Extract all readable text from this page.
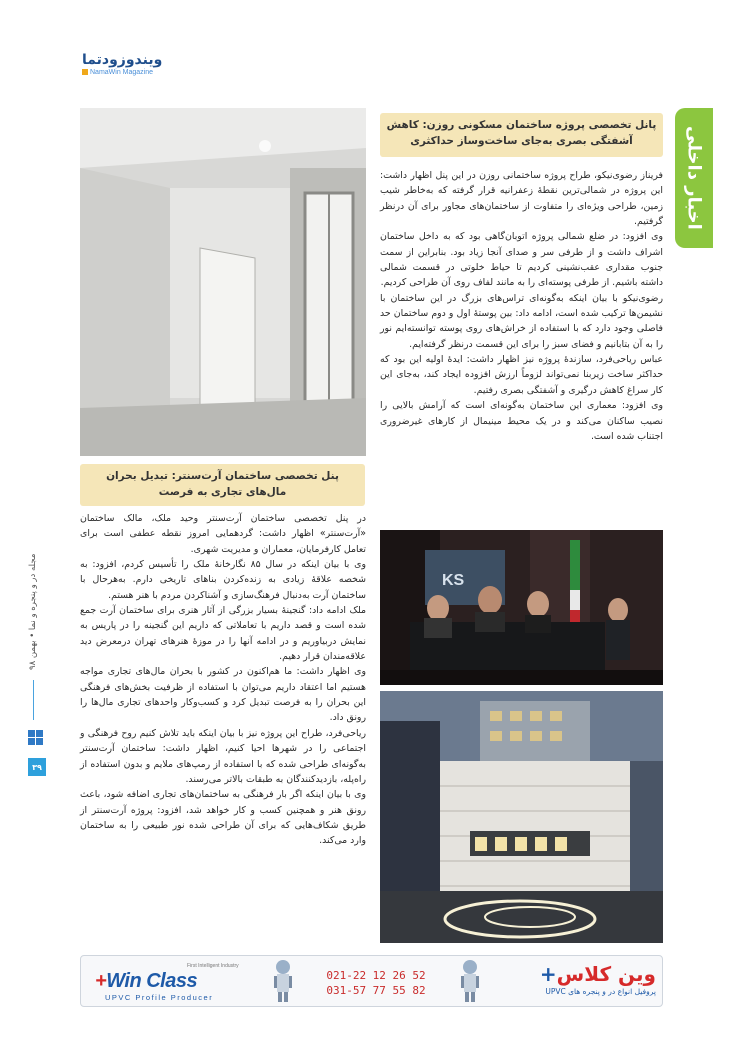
ویندوزو‌دتما
NamaWin Magazine
اخبار داخلی
مجله در و پنجره و نما • بهمن ۹۸
۳۹
پانل تخصصی پروژه ساختمان مسکونی روزن: کاهش آشفتگی بصری به‌جای ساخت‌وساز حداکثری

فریناز رضوی‌نیکو، طراح پروژه ساختمانی روزن در این پنل اظهار داشت: این پروژه در شمالی‌ترین نقطهٔ زعفرانیه قرار گرفته که به‌خاطر شیب زمین، طراحی ویژه‌ای را متفاوت از ساختمان‌های مجاور برای آن درنظر گرفتیم.

وی افزود: در ضلع شمالی پروژه اتوبان‌گاهی بود که به داخل ساختمان اشراف داشت و از طرفی سر و صدای آنجا زیاد بود. بنابراین از سمت جنوب مقداری عقب‌نشینی کردیم تا حیاط خلوتی در قسمت شمالی داشته باشیم. از طرفی پوسته‌ای را به مانند لفاف روی آن طراحی کردیم.

رضوی‌نیکو با بیان اینکه به‌گونه‌ای تراس‌های بزرگ در این ساختمان با نشیمن‌ها ترکیب شده است، ادامه داد: بین پوستهٔ اول و دوم ساختمان حد فاصلی وجود دارد که با استفاده از خراش‌های روی پوسته توانسته‌ایم نور را به آن بتابانیم و فضای سبز را برای این قسمت درنظر گرفته‌ایم.

عباس ریاحی‌فرد، سازندهٔ پروژه نیز اظهار داشت: ایدهٔ اولیه این بود که حداکثر ساخت زیربنا نمی‌تواند لزوماً ارزش افزوده ایجاد کند، به‌جای این کار سراغ کاهش درگیری و آشفتگی بصری رفتیم.

وی افزود: معماری این ساختمان به‌گونه‌ای است که آرامش بالایی را نصیب ساکنان می‌کند و در یک محیط مینیمال از کارهای غیرضروری اجتناب شده است.

پنل تخصصی ساختمان آرت‌سنتر: تبدیل بحران مال‌های تجاری به فرصت

در پنل تخصصی ساختمان آرت‌سنتر وحید ملک، مالک ساختمان «آرت‌سنتر» اظهار داشت: گردهمایی امروز نقطه عطفی است برای تعامل کارفرمایان، معماران و مدیریت شهری.

وی با بیان اینکه در سال ۸۵ نگارخانهٔ ملک را تأسیس کردم، افزود: به شخصه علاقهٔ زیادی به زنده‌کردن بناهای تاریخی دارم. به‌هرحال با ساختمان آرت به‌دنبال فرهنگ‌سازی و آشناکردن مردم با هنر هستم.

ملک ادامه داد: گنجینهٔ بسیار بزرگی از آثار هنری برای ساختمان آرت جمع شده است و قصد داریم با تعاملاتی که داریم این گنجینه را در پاریس به نمایش دربیاوریم و در ادامه آنها را در موزهٔ هنرهای تهران درمعرض دید علاقه‌مندان قرار دهیم.

وی اظهار داشت: ما هم‌اکنون در کشور با بحران مال‌های تجاری مواجه هستیم اما اعتقاد داریم می‌توان با استفاده از ظرفیت بخش‌های فرهنگی این بحران را به فرصت تبدیل کرد و کسب‌وکار واحدهای تجاری مال‌ها را رونق داد.

ریاحی‌فرد، طراح این پروژه نیز با بیان اینکه باید تلاش کنیم روح فرهنگی و اجتماعی را در شهرها احیا کنیم، اظهار داشت: ساختمان آرت‌سنتر به‌گونه‌ای طراحی شده که با استفاده از رمپ‌های ملایم و بدون استفاده از راه‌پله، بازدیدکنندگان به طبقات بالاتر می‌رسند.

وی با بیان اینکه اگر بار فرهنگی به ساختمان‌های تجاری اضافه شود، باعث رونق هنر و همچنین کسب و کار خواهد شد، افزود: پروژه آرت‌سنتر از طریق شکاف‌هایی که برای آن طراحی شده نور طبیعی را به ساختمان وارد می‌کند.

KS
First Intelligent Industry
+Win Class
UPVC Profile Producer
021-22 12 26 52
031-57 77 55 82
وین کلاس+
پروفیل انواع در و پنجره های UPVC
